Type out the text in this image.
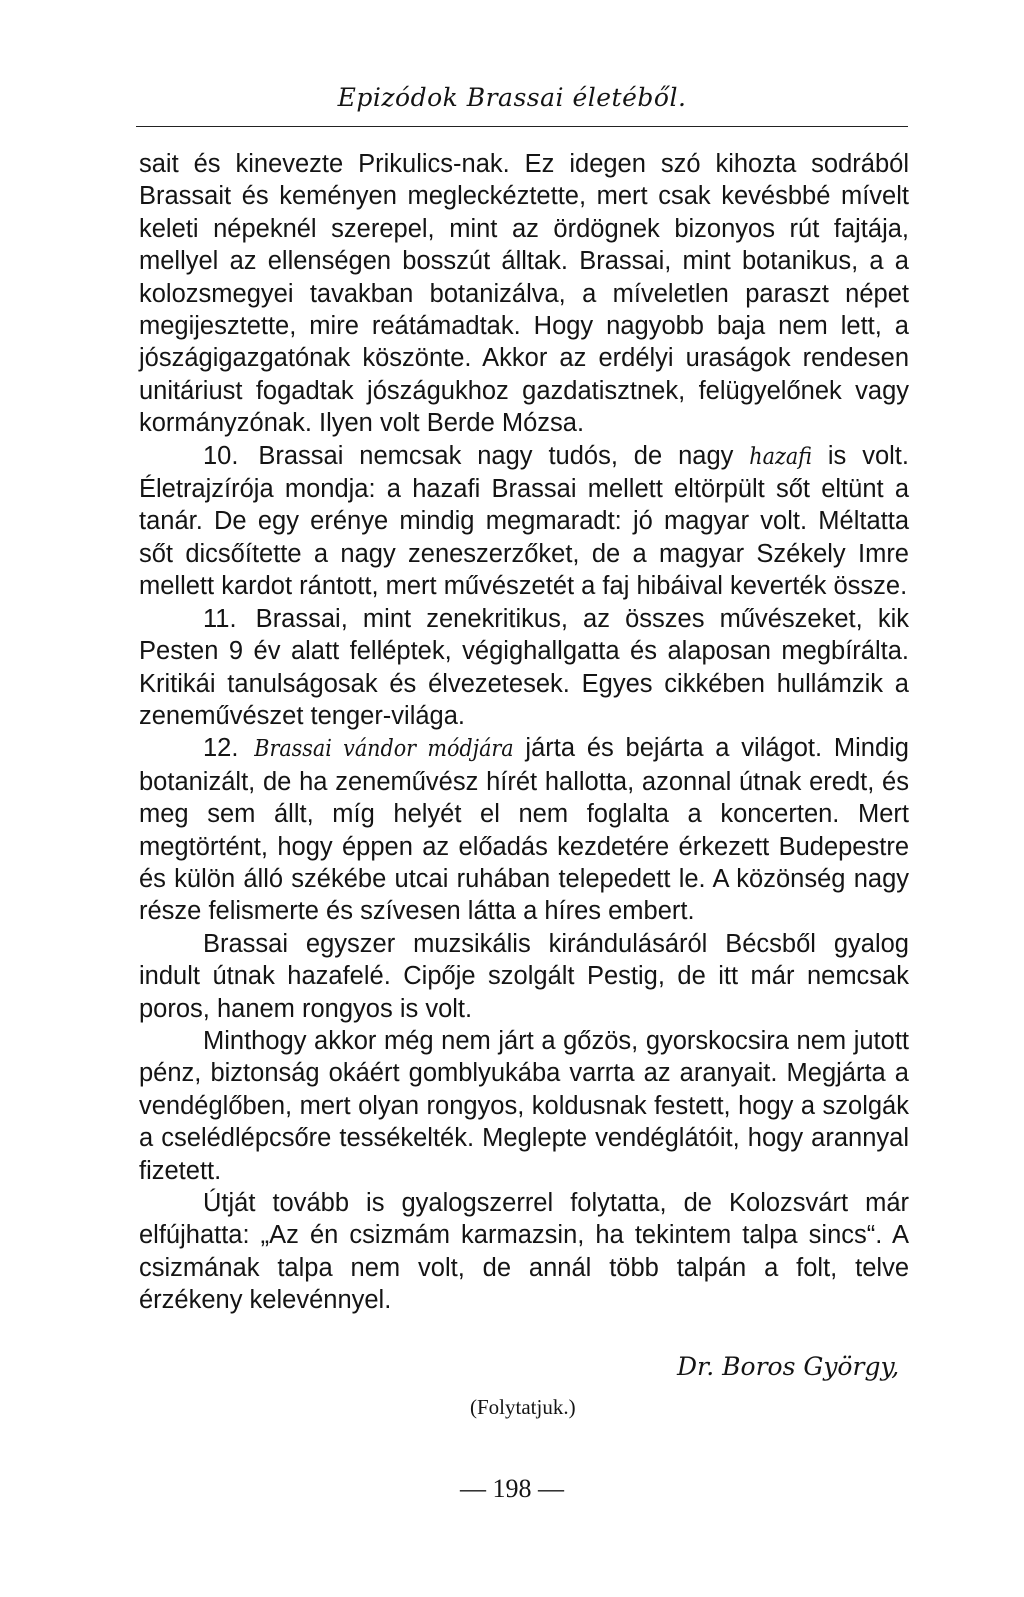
Epizódok Brassai életéből.

sait és kinevezte Prikulics-nak. Ez idegen szó kihozta sodrából Brassait és keményen megleckéztette, mert csak kevésbbé mívelt keleti népeknél szerepel, mint az ördögnek bizonyos rút fajtája, mellyel az ellenségen bosszút álltak. Brassai, mint botanikus, a a kolozsmegyei tavakban botanizálva, a míveletlen paraszt népet megijesztette, mire reátámadtak. Hogy nagyobb baja nem lett, a jószágigazgatónak köszönte. Akkor az erdélyi uraságok rendesen unitáriust fogadtak jószágukhoz gazdatisztnek, felügyelőnek vagy kormányzónak. Ilyen volt Berde Mózsa.

10. Brassai nemcsak nagy tudós, de nagy hazafi is volt. Életrajzírója mondja: a hazafi Brassai mellett eltörpült sőt eltünt a tanár. De egy erénye mindig megmaradt: jó magyar volt. Méltatta sőt dicsőítette a nagy zeneszerzőket, de a magyar Székely Imre mellett kardot rántott, mert művészetét a faj hibáival keverték össze.

11. Brassai, mint zenekritikus, az összes művészeket, kik Pesten 9 év alatt felléptek, végighallgatta és alaposan megbírálta. Kritikái tanulságosak és élvezetesek. Egyes cikkében hullámzik a zeneművészet tenger-világa.

12. Brassai vándor módjára járta és bejárta a világot. Mindig botanizált, de ha zeneművész hírét hallotta, azonnal útnak eredt, és meg sem állt, míg helyét el nem foglalta a koncerten. Mert megtörtént, hogy éppen az előadás kezdetére érkezett Budepestre és külön álló székébe utcai ruhában telepedett le. A közönség nagy része felismerte és szívesen látta a híres embert.

Brassai egyszer muzsikális kirándulásáról Bécsből gyalog indult útnak hazafelé. Cipője szolgált Pestig, de itt már nemcsak poros, hanem rongyos is volt.

Minthogy akkor még nem járt a gőzös, gyorskocsira nem jutott pénz, biztonság okáért gomblyukába varrta az aranyait. Megjárta a vendéglőben, mert olyan rongyos, koldusnak festett, hogy a szolgák a cselédlépcsőre tessékelték. Meglepte vendéglátóit, hogy arannyal fizetett.

Útját tovább is gyalogszerrel folytatta, de Kolozsvárt már elfújhatta: „Az én csizmám karmazsin, ha tekintem talpa sincs“. A csizmának talpa nem volt, de annál több talpán a folt, telve érzékeny kelevénnyel.

Dr. Boros György,
(Folytatjuk.)
— 198 —
